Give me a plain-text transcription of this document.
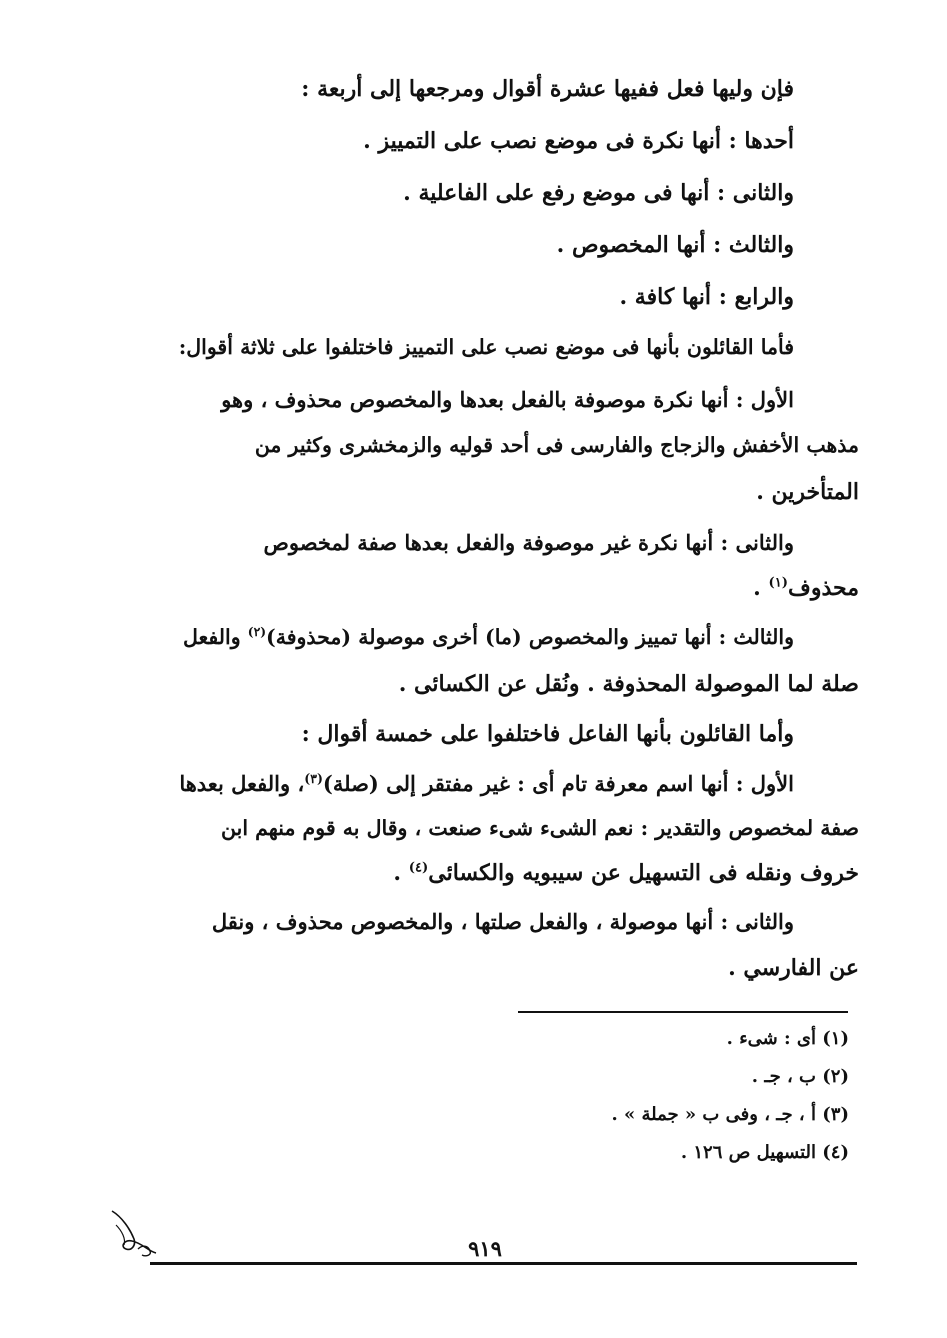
فإن وليها فعل ففيها عشرة أقوال ومرجعها إلى أربعة :
أحدها : أنها نكرة فى موضع نصب على التمييز .
والثانى : أنها فى موضع رفع على الفاعلية .
والثالث : أنها المخصوص .
والرابع : أنها كافة .
فأما القائلون بأنها فى موضع نصب على التمييز فاختلفوا على ثلاثة أقوال:
الأول : أنها نكرة موصوفة بالفعل بعدها والمخصوص محذوف ، وهو
مذهب الأخفش والزجاج والفارسى فى أحد قوليه والزمخشرى وكثير من
المتأخرين .
والثانى : أنها نكرة غير موصوفة والفعل بعدها صفة لمخصوص
محذوف$^{(١)}$ .
والثالث : أنها تمييز والمخصوص (ما) أخرى موصولة (محذوفة)$^{(٢)}$ والفعل
صلة لما الموصولة المحذوفة . ونُقل عن الكسائى .
وأما القائلون بأنها الفاعل فاختلفوا على خمسة أقوال :
الأول : أنها اسم معرفة تام أى : غير مفتقر إلى (صلة)$^{(٣)}$، والفعل بعدها
صفة لمخصوص والتقدير : نعم الشىء شىء صنعت ، وقال به قوم منهم ابن
خروف ونقله فى التسهيل عن سيبويه والكسائى$^{(٤)}$ .
والثانى : أنها موصولة ، والفعل صلتها ، والمخصوص محذوف ، ونقل
عن الفارسي .
(١) أى : شىء .
(٢) ب ، جـ .
(٣) أ ، جـ ، وفى ب « جملة » .
(٤) التسهيل ص ١٢٦ .
٩١٩
